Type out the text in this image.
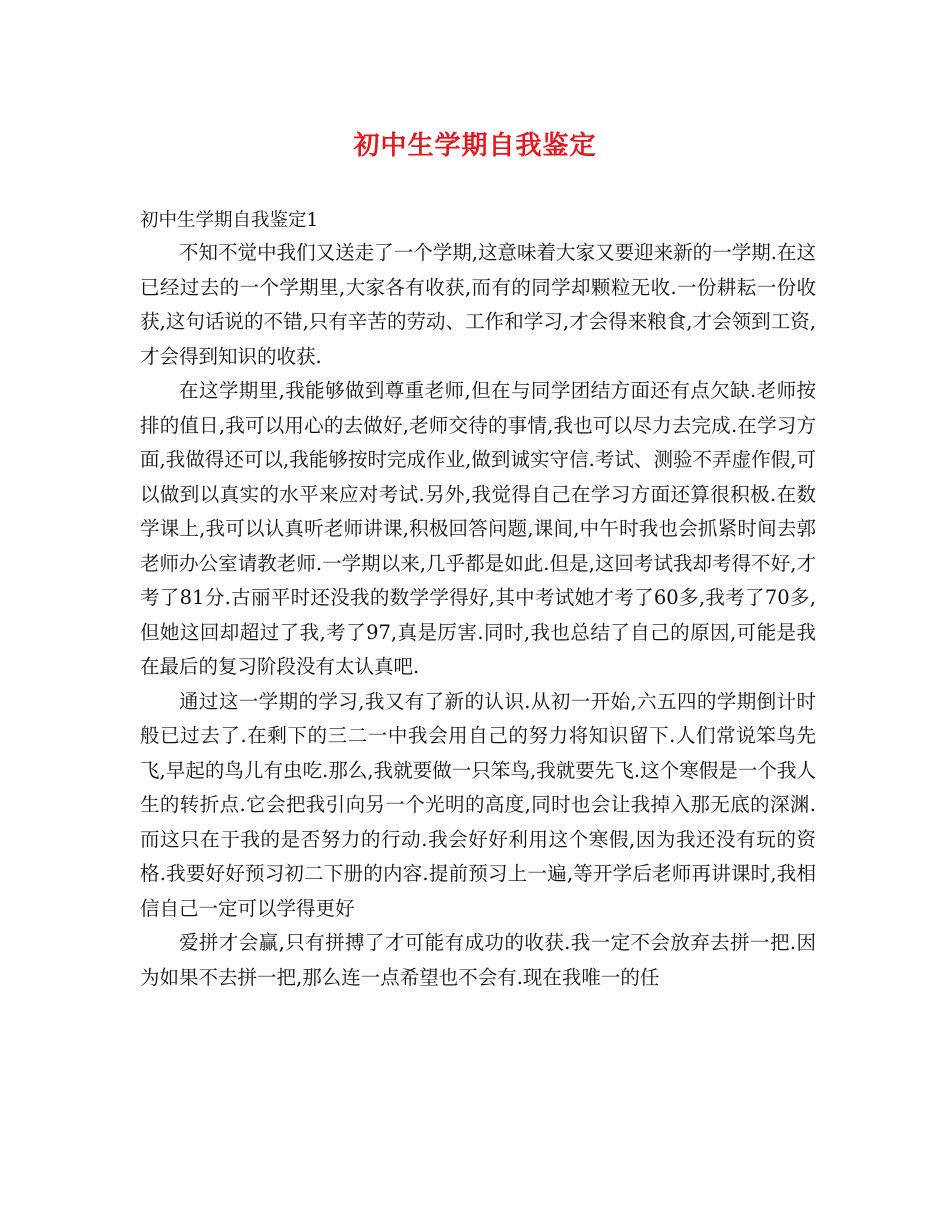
初中生学期自我鉴定

初中生学期自我鉴定1

不知不觉中我们又送走了一个学期,这意味着大家又要迎来新的一学期.在这已经过去的一个学期里,大家各有收获,而有的同学却颗粒无收.一份耕耘一份收获,这句话说的不错,只有辛苦的劳动、工作和学习,才会得来粮食,才会领到工资,才会得到知识的收获.

在这学期里,我能够做到尊重老师,但在与同学团结方面还有点欠缺.老师按排的值日,我可以用心的去做好,老师交待的事情,我也可以尽力去完成.在学习方面,我做得还可以,我能够按时完成作业,做到诚实守信.考试、测验不弄虚作假,可以做到以真实的水平来应对考试.另外,我觉得自己在学习方面还算很积极.在数学课上,我可以认真听老师讲课,积极回答问题,课间,中午时我也会抓紧时间去郭老师办公室请教老师.一学期以来,几乎都是如此.但是,这回考试我却考得不好,才考了81分.古丽平时还没我的数学学得好,其中考试她才考了60多,我考了70多,但她这回却超过了我,考了97,真是厉害.同时,我也总结了自己的原因,可能是我在最后的复习阶段没有太认真吧.

通过这一学期的学习,我又有了新的认识.从初一开始,六五四的学期倒计时般已过去了.在剩下的三二一中我会用自己的努力将知识留下.人们常说笨鸟先飞,早起的鸟儿有虫吃.那么,我就要做一只笨鸟,我就要先飞.这个寒假是一个我人生的转折点.它会把我引向另一个光明的高度,同时也会让我掉入那无底的深渊.而这只在于我的是否努力的行动.我会好好利用这个寒假,因为我还没有玩的资格.我要好好预习初二下册的内容.提前预习上一遍,等开学后老师再讲课时,我相信自己一定可以学得更好

爱拼才会赢,只有拼搏了才可能有成功的收获.我一定不会放弃去拼一把.因为如果不去拼一把,那么连一点希望也不会有.现在我唯一的任
